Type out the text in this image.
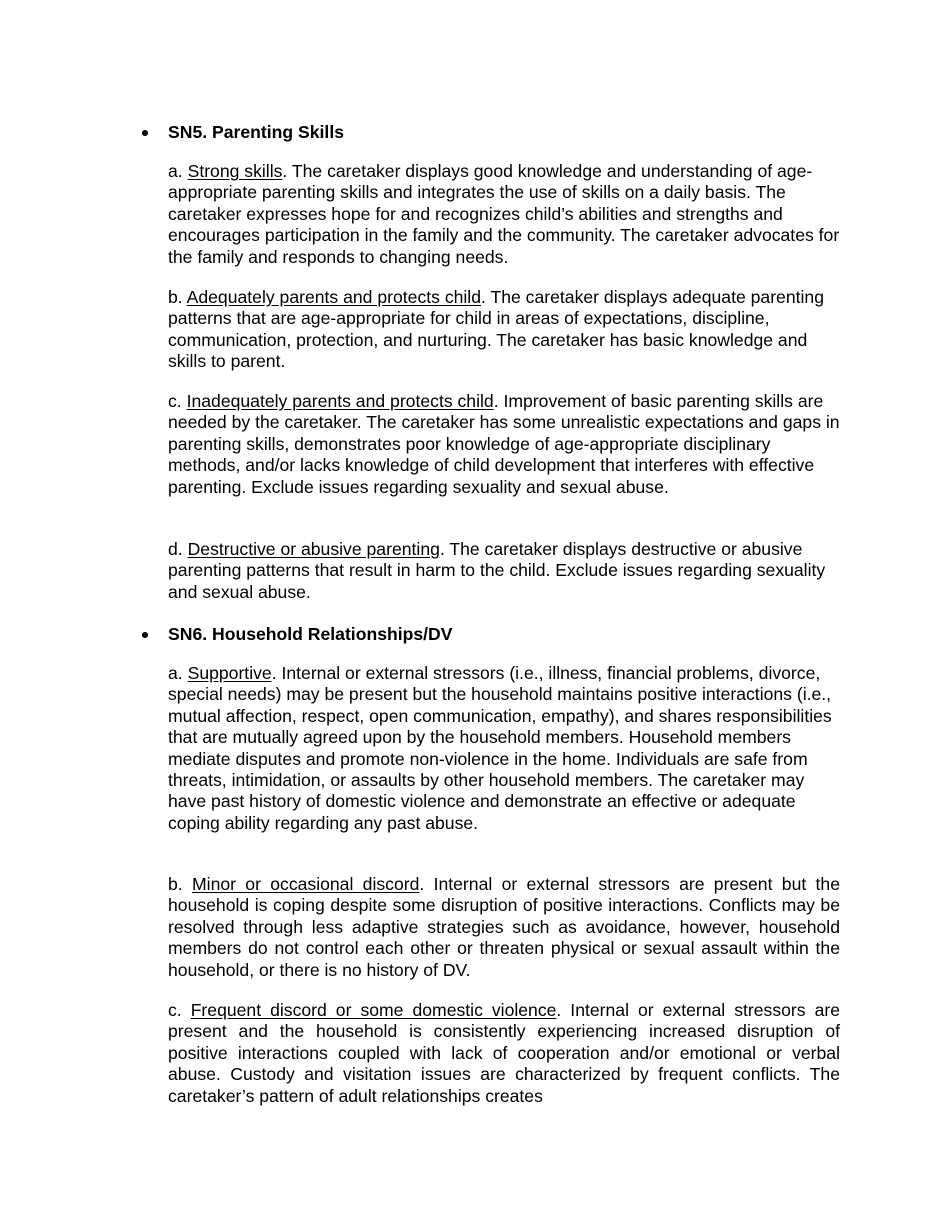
SN5. Parenting Skills

a. Strong skills. The caretaker displays good knowledge and understanding of age-appropriate parenting skills and integrates the use of skills on a daily basis. The caretaker expresses hope for and recognizes child’s abilities and strengths and encourages participation in the family and the community. The caretaker advocates for the family and responds to changing needs.

b. Adequately parents and protects child. The caretaker displays adequate parenting patterns that are age-appropriate for child in areas of expectations, discipline, communication, protection, and nurturing. The caretaker has basic knowledge and skills to parent.

c. Inadequately parents and protects child. Improvement of basic parenting skills are needed by the caretaker. The caretaker has some unrealistic expectations and gaps in parenting skills, demonstrates poor knowledge of age-appropriate disciplinary methods, and/or lacks knowledge of child development that interferes with effective parenting. Exclude issues regarding sexuality and sexual abuse.

d. Destructive or abusive parenting. The caretaker displays destructive or abusive parenting patterns that result in harm to the child. Exclude issues regarding sexuality and sexual abuse.

SN6. Household Relationships/DV

a. Supportive. Internal or external stressors (i.e., illness, financial problems, divorce, special needs) may be present but the household maintains positive interactions (i.e., mutual affection, respect, open communication, empathy), and shares responsibilities that are mutually agreed upon by the household members. Household members mediate disputes and promote non-violence in the home. Individuals are safe from threats, intimidation, or assaults by other household members. The caretaker may have past history of domestic violence and demonstrate an effective or adequate coping ability regarding any past abuse.

b. Minor or occasional discord. Internal or external stressors are present but the household is coping despite some disruption of positive interactions. Conflicts may be resolved through less adaptive strategies such as avoidance, however, household members do not control each other or threaten physical or sexual assault within the household, or there is no history of DV.

c. Frequent discord or some domestic violence. Internal or external stressors are present and the household is consistently experiencing increased disruption of positive interactions coupled with lack of cooperation and/or emotional or verbal abuse. Custody and visitation issues are characterized by frequent conflicts. The caretaker’s pattern of adult relationships creates
